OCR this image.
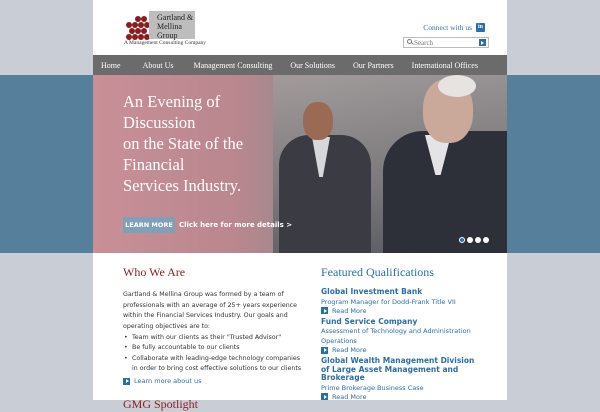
Gartland &
Mellina
Group
A Management Consulting Company
Connect with us in
Search
Home	About Us	Management Consulting Our Solutions Our Partners International Offices
An Evening of
Discussion
on the State of the
Financial
Services Industry.
LEARN MORE Click here for more details >
Who We Are

Gartland & Mellina Group was formed by a team of professionals with an average of 25+ years experience within the Financial Services Industry. Our goals and operating objectives are to:

• Team with our clients as their "Trusted Advisor"
• Be fully accountable to our clients
• Collaborate with leading-edge technology companies in order to bring cost effective solutions to our clients
Learn more about us
GMG Spotlight
Featured Qualifications
Global Investment Bank
Program Manager for Dodd-Frank Title VII
Read More
Fund Service Company
Assessment of Technology and Administration Operations
Read More
Global Wealth Management Division of Large Asset Management and Brokerage
Prime Brokerage Business Case
Read More
